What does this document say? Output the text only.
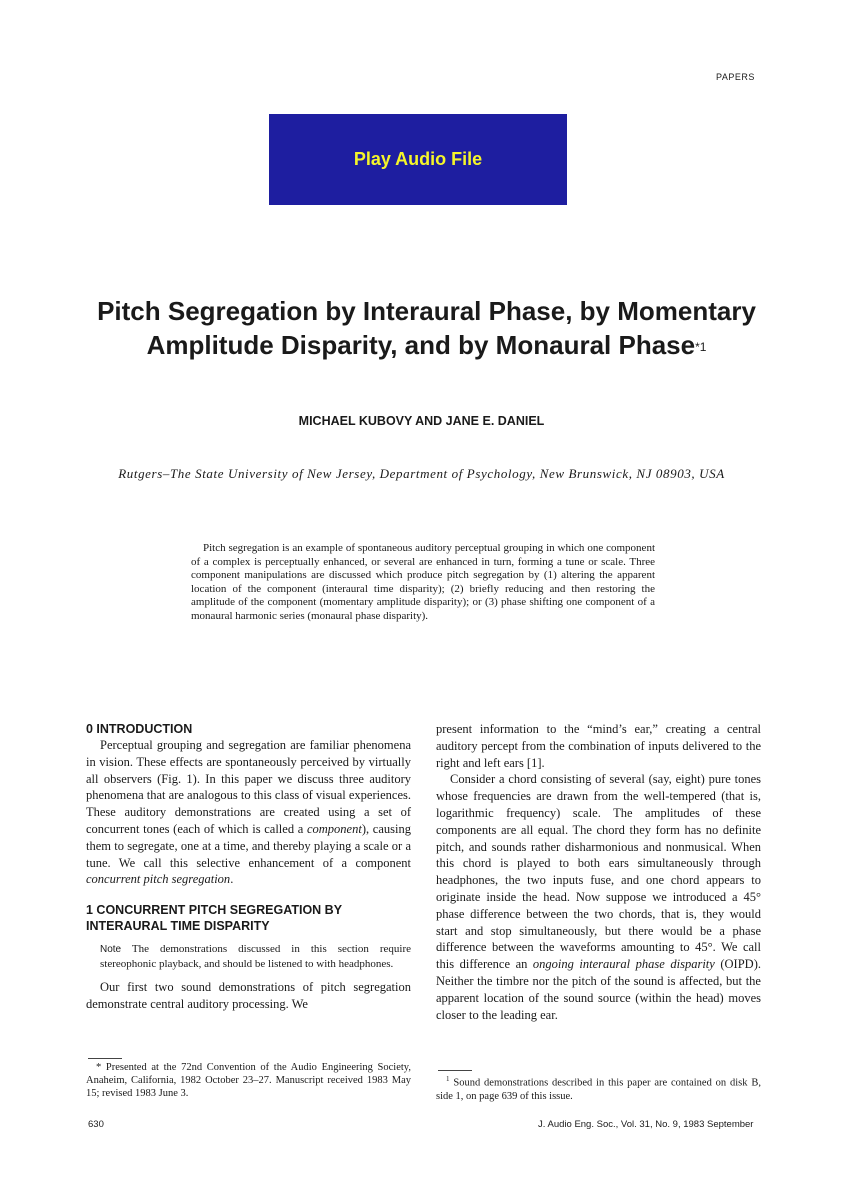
PAPERS
Play Audio File
Pitch Segregation by Interaural Phase, by Momentary Amplitude Disparity, and by Monaural Phase$^{*1}$
MICHAEL KUBOVY AND JANE E. DANIEL
Rutgers–The State University of New Jersey, Department of Psychology, New Brunswick, NJ 08903, USA

Pitch segregation is an example of spontaneous auditory perceptual grouping in which one component of a complex is perceptually enhanced, or several are enhanced in turn, forming a tune or scale. Three component manipulations are discussed which produce pitch segregation by (1) altering the apparent location of the component (interaural time disparity); (2) briefly reducing and then restoring the amplitude of the component (momentary amplitude disparity); or (3) phase shifting one component of a monaural harmonic series (monaural phase disparity).

0 INTRODUCTION

Perceptual grouping and segregation are familiar phenomena in vision. These effects are spontaneously perceived by virtually all observers (Fig. 1). In this paper we discuss three auditory phenomena that are analogous to this class of visual experiences. These auditory demonstrations are created using a set of concurrent tones (each of which is called a component), causing them to segregate, one at a time, and thereby playing a scale or a tune. We call this selective enhancement of a component concurrent pitch segregation.

1 CONCURRENT PITCH SEGREGATION BY INTERAURAL TIME DISPARITY

Note The demonstrations discussed in this section require stereophonic playback, and should be listened to with headphones.

Our first two sound demonstrations of pitch segregation demonstrate central auditory processing. We

present information to the “mind’s ear,” creating a central auditory percept from the combination of inputs delivered to the right and left ears [1].

Consider a chord consisting of several (say, eight) pure tones whose frequencies are drawn from the well-tempered (that is, logarithmic frequency) scale. The amplitudes of these components are all equal. The chord they form has no definite pitch, and sounds rather disharmonious and nonmusical. When this chord is played to both ears simultaneously through headphones, the two inputs fuse, and one chord appears to originate inside the head. Now suppose we introduced a 45° phase difference between the two chords, that is, they would start and stop simultaneously, but there would be a phase difference between the waveforms amounting to 45°. We call this difference an ongoing interaural phase disparity (OIPD). Neither the timbre nor the pitch of the sound is affected, but the apparent location of the sound source (within the head) moves closer to the leading ear.

* Presented at the 72nd Convention of the Audio Engineering Society, Anaheim, California, 1982 October 23–27. Manuscript received 1983 May 15; revised 1983 June 3.

$^1$ Sound demonstrations described in this paper are contained on disk B, side 1, on page 639 of this issue.

630	J. Audio Eng. Soc., Vol. 31, No. 9, 1983 September
